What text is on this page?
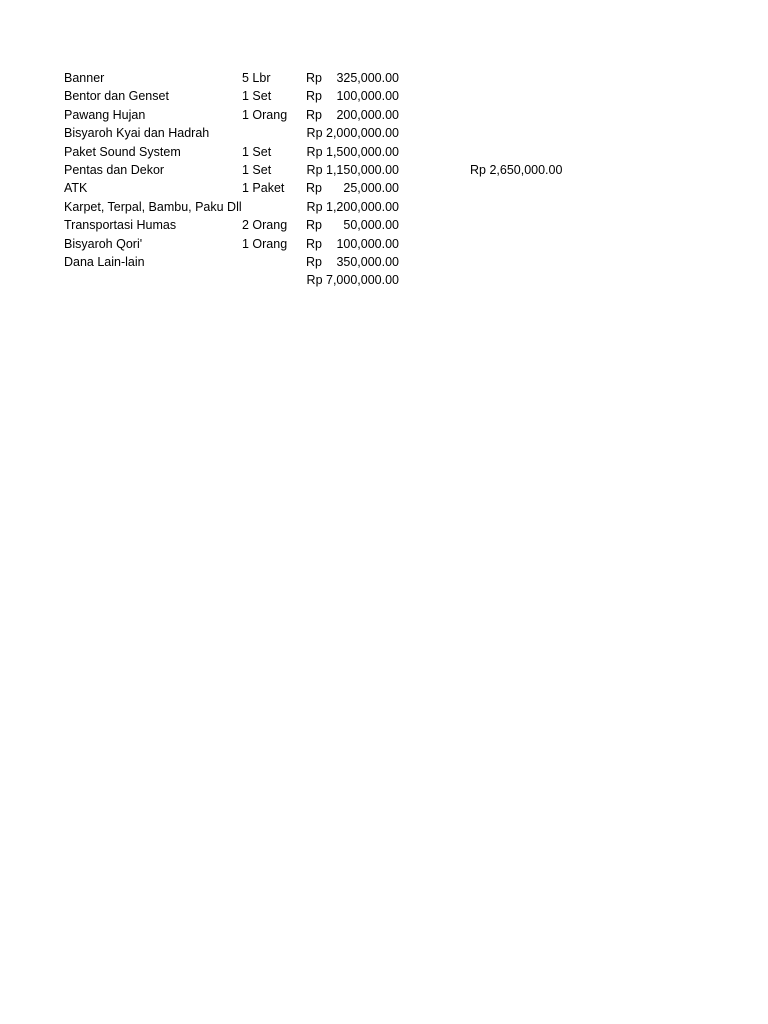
Banner	5 Lbr	Rp 325,000.00
Bentor dan Genset	1 Set	Rp 100,000.00
Pawang Hujan	1 Orang Rp 200,000.00
Bisyaroh Kyai dan Hadrah	Rp 2,000,000.00
Paket Sound System	1 Set	Rp 1,500,000.00
Pentas dan Dekor	1 Set	Rp 1,150,000.00	Rp 2,650,000.00
ATK	1 Paket Rp 25,000.00
Karpet, Terpal, Bambu, Paku Dll	Rp 1,200,000.00
Transportasi Humas	2 Orang Rp 50,000.00
Bisyaroh Qori'	1 Orang Rp 100,000.00
Dana Lain-lain	Rp 350,000.00
Rp 7,000,000.00
